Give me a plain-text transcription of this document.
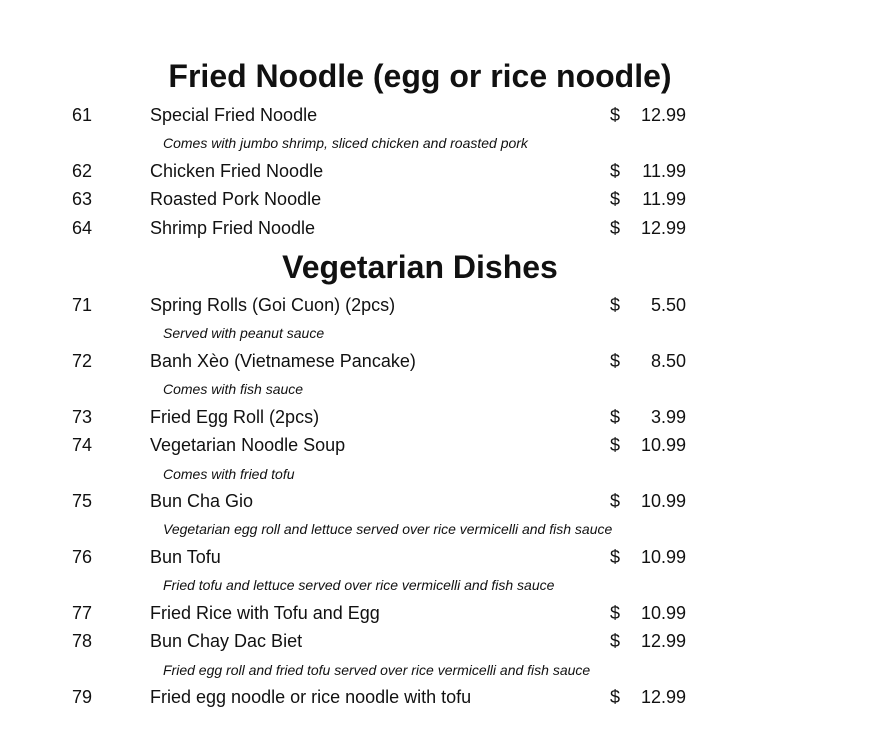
Fried Noodle (egg or rice noodle)
61	Special Fried Noodle	$ 12.99
Comes with jumbo shrimp, sliced chicken and roasted pork
62	Chicken Fried Noodle	$ 11.99
63	Roasted Pork Noodle	$ 11.99
64	Shrimp Fried Noodle	$ 12.99
Vegetarian Dishes
71	Spring Rolls (Goi Cuon) (2pcs)	$ 5.50
Served with peanut sauce
72	Banh Xèo (Vietnamese Pancake)	$ 8.50
Comes with fish sauce
73	Fried Egg Roll (2pcs)	$ 3.99
74	Vegetarian Noodle Soup	$ 10.99
Comes with fried tofu
75	Bun Cha Gio	$ 10.99
Vegetarian egg roll and lettuce served over rice vermicelli and fish sauce
76	Bun Tofu	$ 10.99
Fried tofu and lettuce served over rice vermicelli and fish sauce
77	Fried Rice with Tofu and Egg	$ 10.99
78	Bun Chay Dac Biet	$ 12.99
Fried egg roll and fried tofu served over rice vermicelli and fish sauce
79	Fried egg noodle or rice noodle with tofu	$ 12.99
